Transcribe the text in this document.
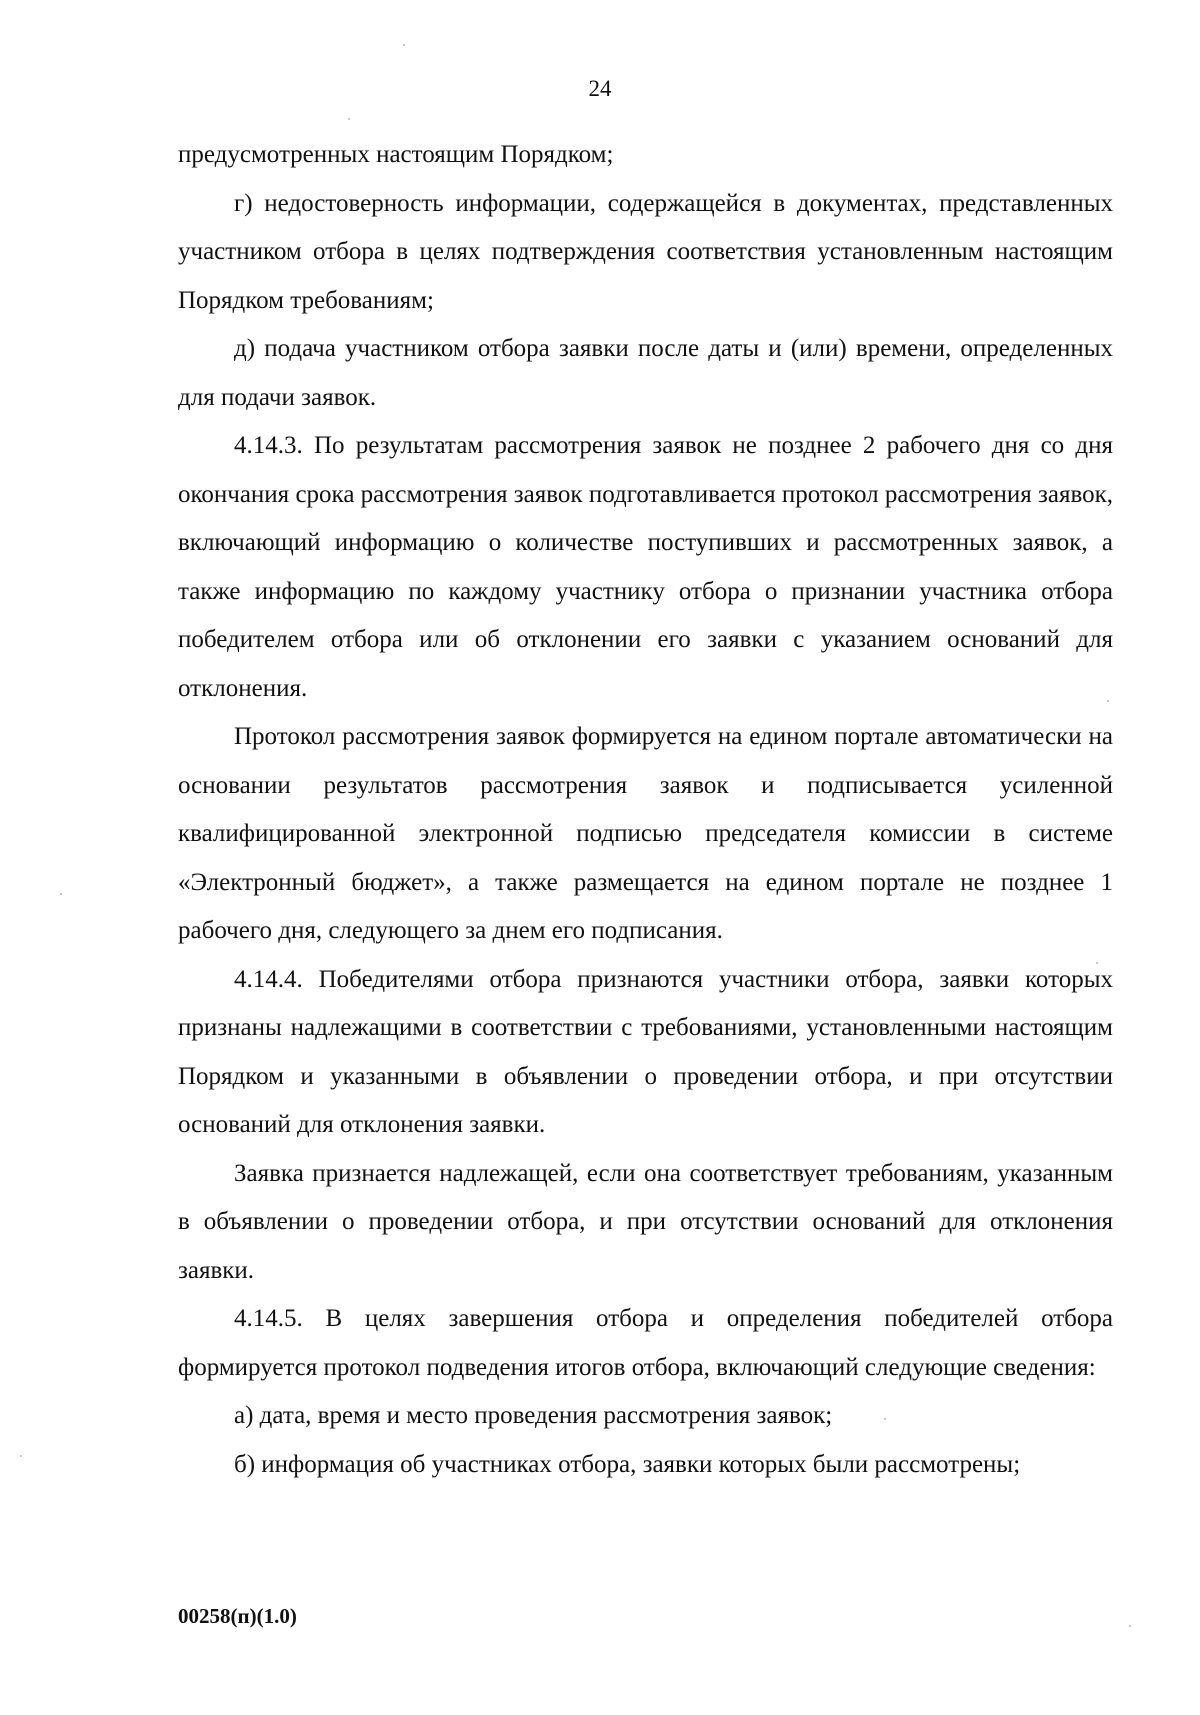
24

предусмотренных настоящим Порядком;

г) недостоверность информации, содержащейся в документах, представленных участником отбора в целях подтверждения соответствия установленным настоящим Порядком требованиям;

д) подача участником отбора заявки после даты и (или) времени, определенных для подачи заявок.

4.14.3. По результатам рассмотрения заявок не позднее 2 рабочего дня со дня окончания срока рассмотрения заявок подготавливается протокол рассмотрения заявок, включающий информацию о количестве поступивших и рассмотренных заявок, а также информацию по каждому участнику отбора о признании участника отбора победителем отбора или об отклонении его заявки с указанием оснований для отклонения.

Протокол рассмотрения заявок формируется на едином портале автоматически на основании результатов рассмотрения заявок и подписывается усиленной квалифицированной электронной подписью председателя комиссии в системе «Электронный бюджет», а также размещается на едином портале не позднее 1 рабочего дня, следующего за днем его подписания.

4.14.4. Победителями отбора признаются участники отбора, заявки которых признаны надлежащими в соответствии с требованиями, установленными настоящим Порядком и указанными в объявлении о проведении отбора, и при отсутствии оснований для отклонения заявки.

Заявка признается надлежащей, если она соответствует требованиям, указанным в объявлении о проведении отбора, и при отсутствии оснований для отклонения заявки.

4.14.5. В целях завершения отбора и определения победителей отбора формируется протокол подведения итогов отбора, включающий следующие сведения:

а) дата, время и место проведения рассмотрения заявок;

б) информация об участниках отбора, заявки которых были рассмотрены;

00258(п)(1.0)
